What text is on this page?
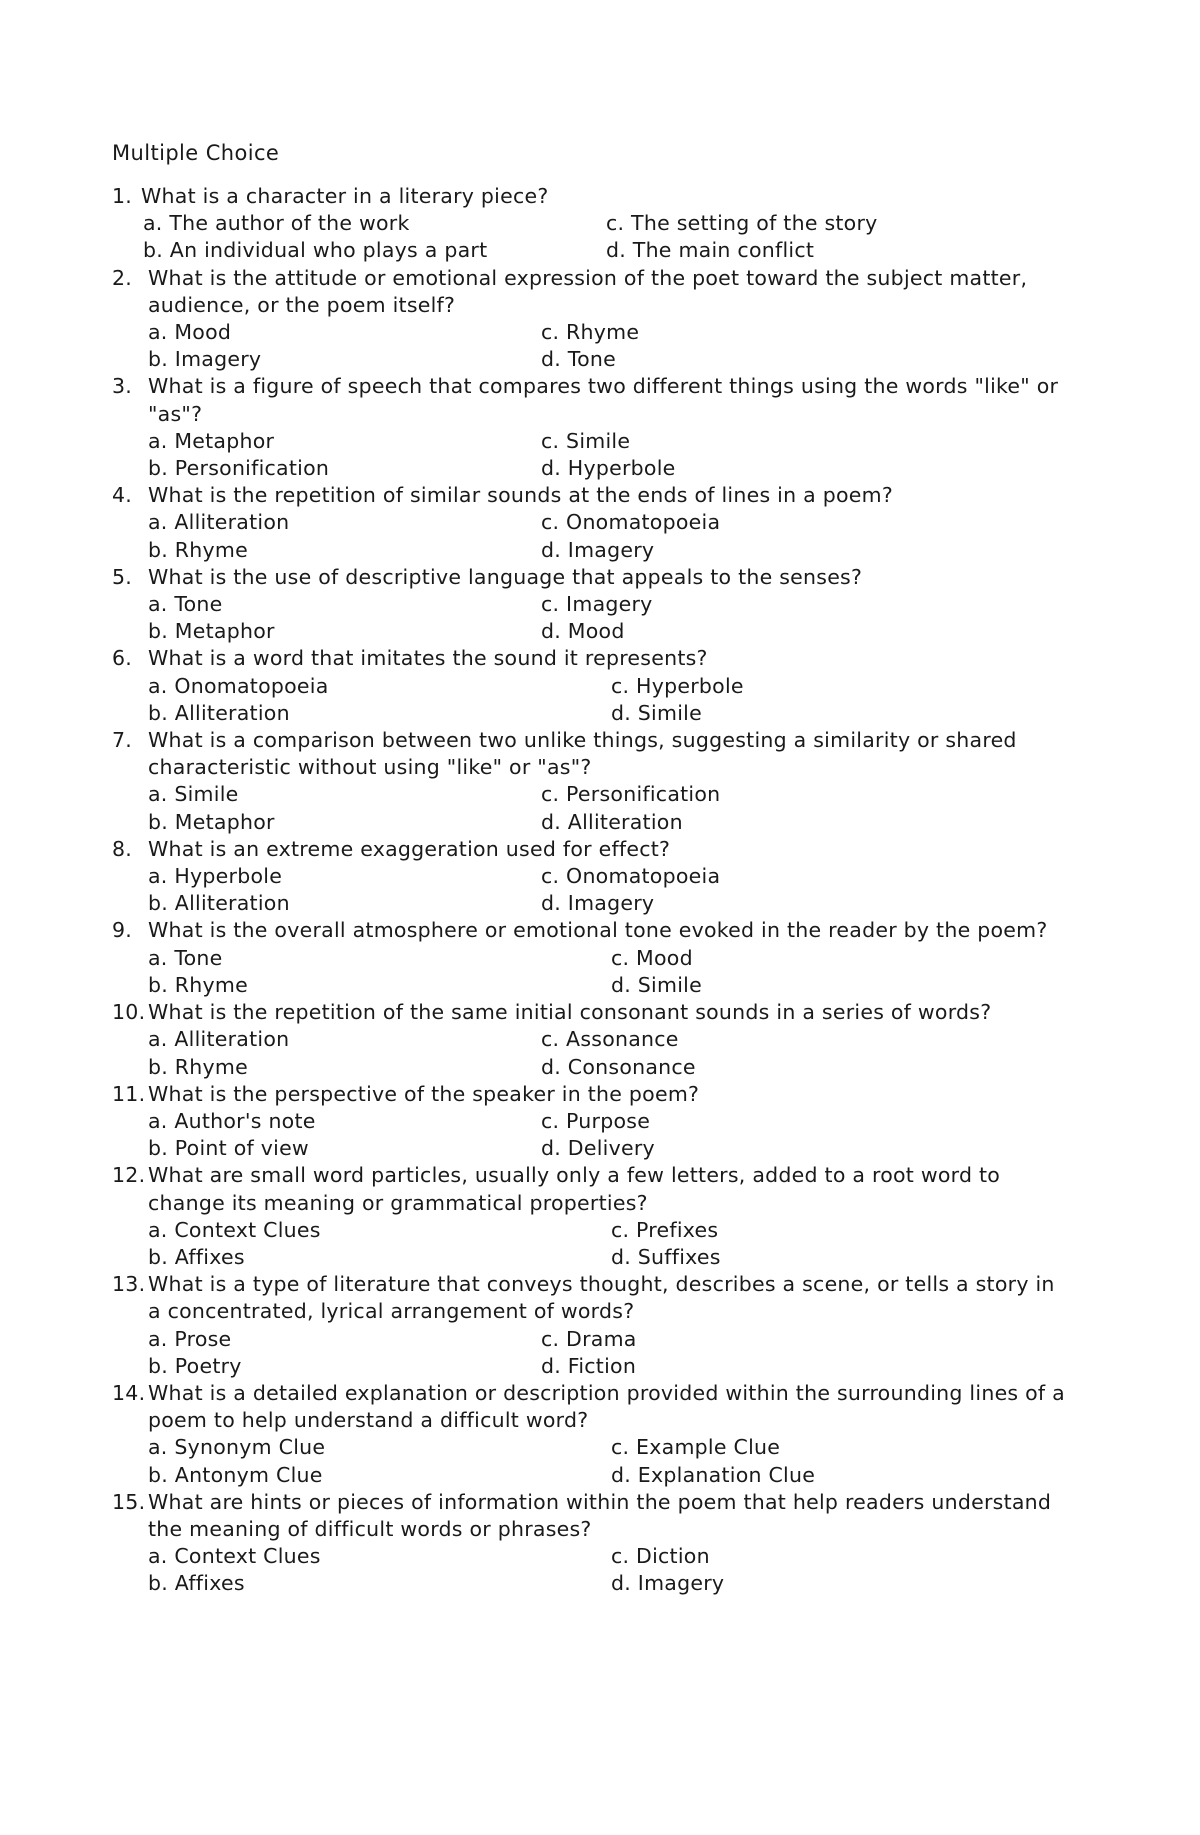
Multiple Choice
1. What is a character in a literary piece?
a. The author of the work	c. The setting of the story
b. An individual who plays a part	d. The main conflict
2. What is the attitude or emotional expression of the poet toward the subject matter, audience, or the poem itself?
a. Mood	c. Rhyme
b. Imagery	d. Tone
3. What is a figure of speech that compares two different things using the words "like" or "as"?
a. Metaphor	c. Simile
b. Personification	d. Hyperbole
4. What is the repetition of similar sounds at the ends of lines in a poem?
a. Alliteration	c. Onomatopoeia
b. Rhyme	d. Imagery
5. What is the use of descriptive language that appeals to the senses?
a. Tone	c. Imagery
b. Metaphor	d. Mood
6. What is a word that imitates the sound it represents?
a. Onomatopoeia	c. Hyperbole
b. Alliteration	d. Simile
7. What is a comparison between two unlike things, suggesting a similarity or shared characteristic without using "like" or "as"?
a. Simile	c. Personification
b. Metaphor	d. Alliteration
8. What is an extreme exaggeration used for effect?
a. Hyperbole	c. Onomatopoeia
b. Alliteration	d. Imagery
9. What is the overall atmosphere or emotional tone evoked in the reader by the poem?
a. Tone	c. Mood
b. Rhyme	d. Simile
10. What is the repetition of the same initial consonant sounds in a series of words?
a. Alliteration	c. Assonance
b. Rhyme	d. Consonance
11. What is the perspective of the speaker in the poem?
a. Author's note	c. Purpose
b. Point of view	d. Delivery
12. What are small word particles, usually only a few letters, added to a root word to change its meaning or grammatical properties?
a. Context Clues	c. Prefixes
b. Affixes	d. Suffixes
13. What is a type of literature that conveys thought, describes a scene, or tells a story in a concentrated, lyrical arrangement of words?
a. Prose	c. Drama
b. Poetry	d. Fiction
14. What is a detailed explanation or description provided within the surrounding lines of a poem to help understand a difficult word?
a. Synonym Clue	c. Example Clue
b. Antonym Clue	d. Explanation Clue
15. What are hints or pieces of information within the poem that help readers understand the meaning of difficult words or phrases?
a. Context Clues	c. Diction
b. Affixes	d. Imagery
